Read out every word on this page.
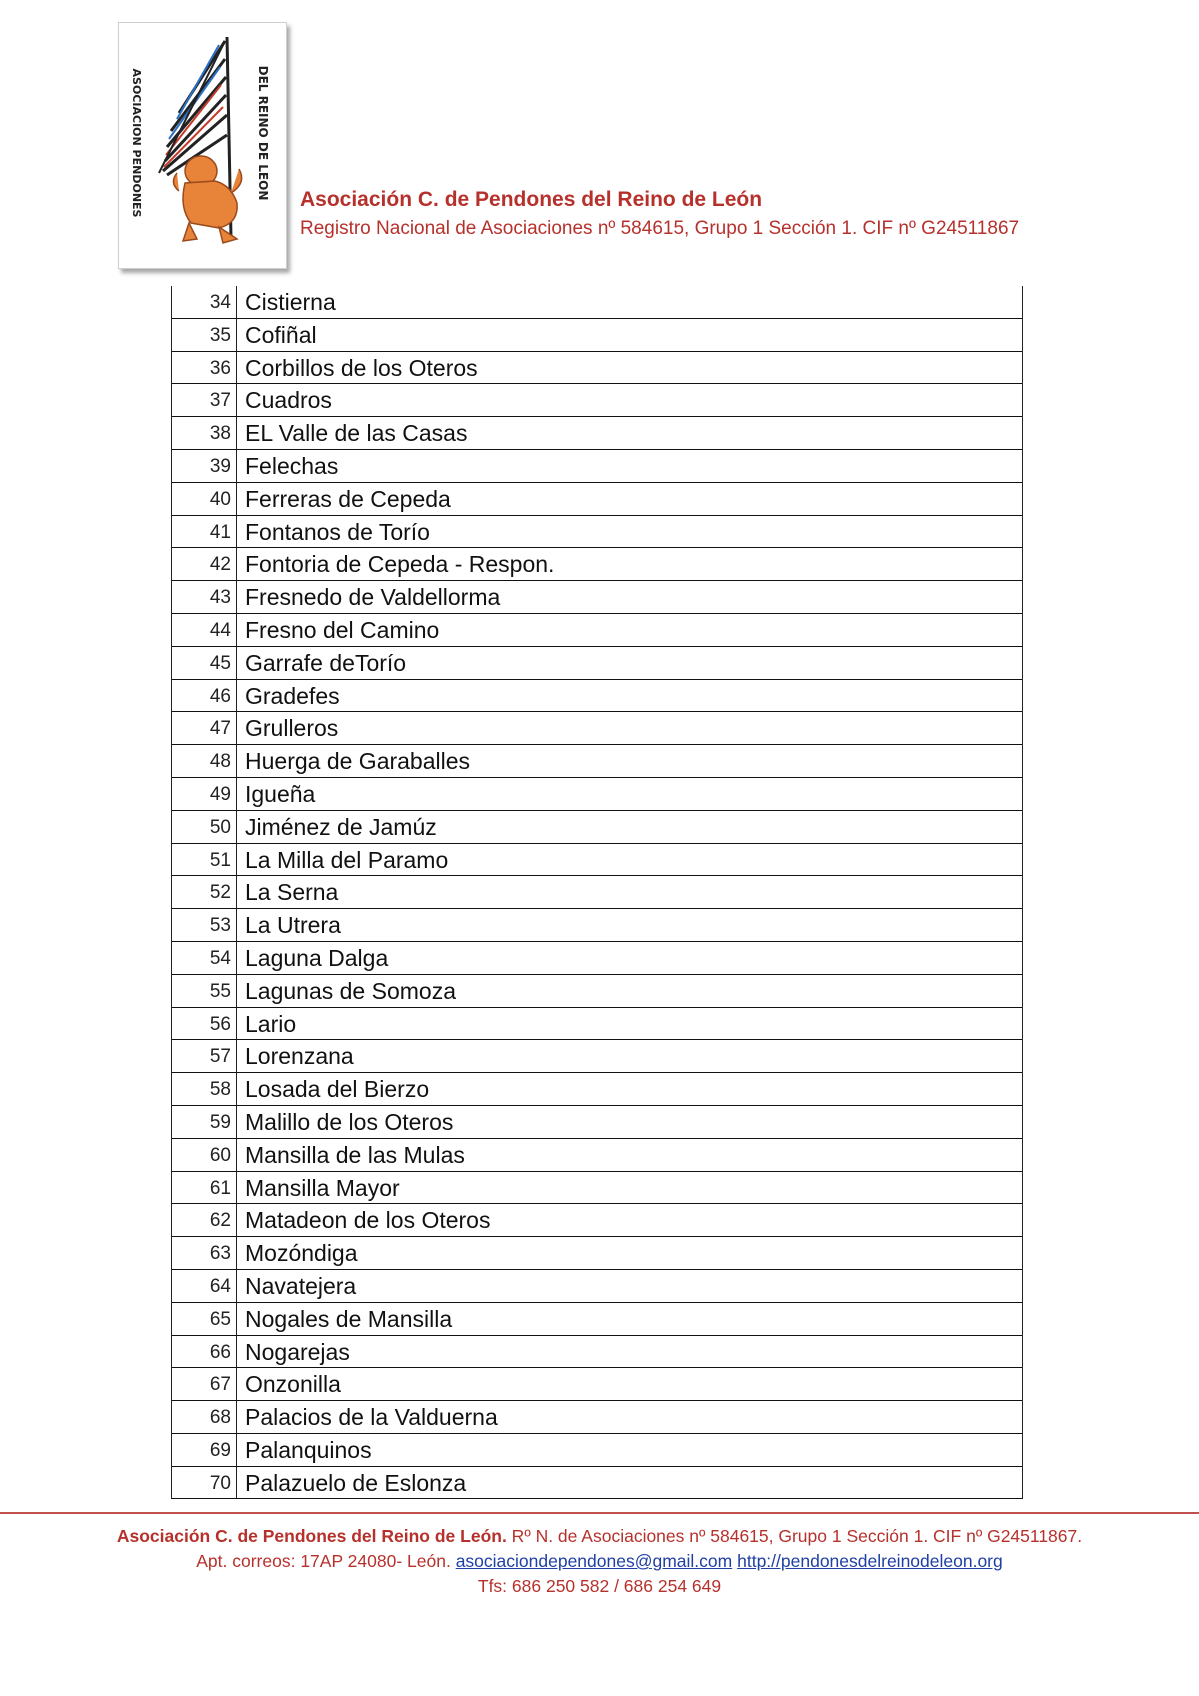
ASOCIACION PENDONES	DEL REINO DE LEON Asociación C. de Pendones del Reino de León
Registro Nacional de Asociaciones nº 584615, Grupo 1 Sección 1. CIF nº G24511867
34 Cistierna
35 Cofiñal
36 Corbillos de los Oteros
37 Cuadros
38 EL Valle de las Casas
39 Felechas
40 Ferreras de Cepeda
41 Fontanos de Torío
42 Fontoria de Cepeda - Respon.
43 Fresnedo de Valdellorma
44 Fresno del Camino
45 Garrafe deTorío
46 Gradefes
47 Grulleros
48 Huerga de Garaballes
49 Igueña
50 Jiménez de Jamúz
51 La Milla del Paramo
52 La Serna
53 La Utrera
54 Laguna Dalga
55 Lagunas de Somoza
56 Lario
57 Lorenzana
58 Losada del Bierzo
59 Malillo de los Oteros
60 Mansilla de las Mulas
61 Mansilla Mayor
62 Matadeon de los Oteros
63 Mozóndiga
64 Navatejera
65 Nogales de Mansilla
66 Nogarejas
67 Onzonilla
68 Palacios de la Valduerna
69 Palanquinos
70 Palazuelo de Eslonza
Asociación C. de Pendones del Reino de León. Rº N. de Asociaciones nº 584615, Grupo 1 Sección 1. CIF nº G24511867.
Apt. correos: 17AP 24080- León. asociaciondependones@gmail.com http://pendonesdelreinodeleon.org
Tfs: 686 250 582 / 686 254 649
